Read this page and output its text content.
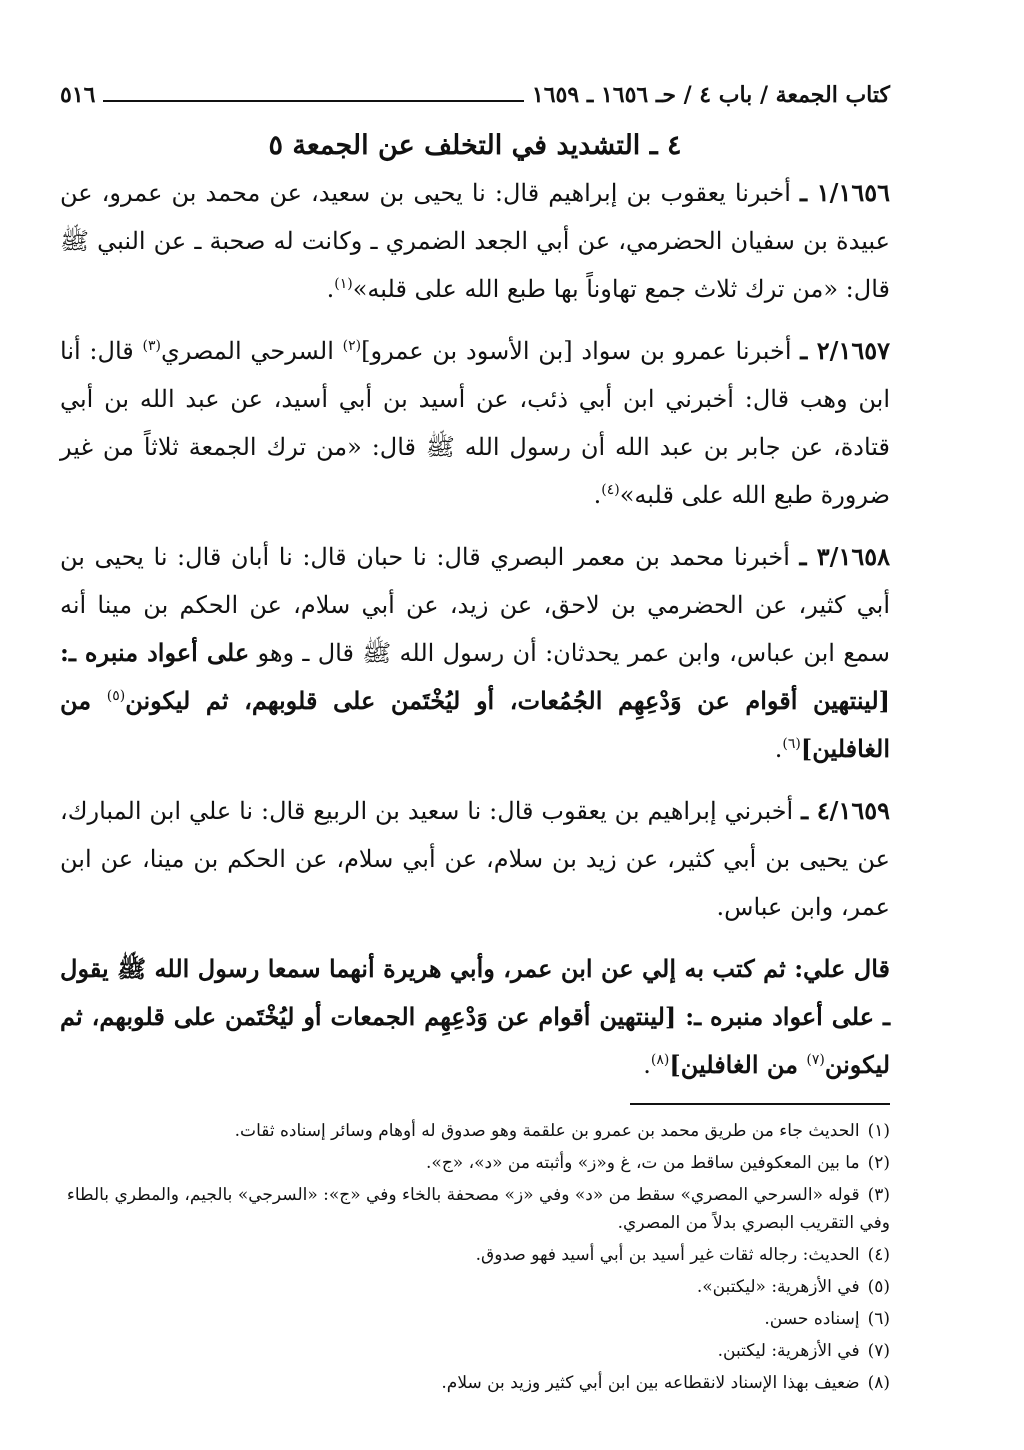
كتاب الجمعة / باب ٤ / حـ ١٦٥٦ ـ ١٦٥٩
٥١٦
٤ ـ التشديد في التخلف عن الجمعة ٥

١/١٦٥٦ ـ أخبرنا يعقوب بن إبراهيم قال: نا يحيى بن سعيد، عن محمد بن عمرو، عن عبيدة بن سفيان الحضرمي، عن أبي الجعد الضمري ـ وكانت له صحبة ـ عن النبي ﷺ قال: «من ترك ثلاث جمع تهاوناً بها طبع الله على قلبه»$^{(١)}$.

٢/١٦٥٧ ـ أخبرنا عمرو بن سواد [بن الأسود بن عمرو]$^{(٢)}$ السرحي المصري$^{(٣)}$ قال: أنا ابن وهب قال: أخبرني ابن أبي ذئب، عن أسيد بن أبي أسيد، عن عبد الله بن أبي قتادة، عن جابر بن عبد الله أن رسول الله ﷺ قال: «من ترك الجمعة ثلاثاً من غير ضرورة طبع الله على قلبه»$^{(٤)}$.

٣/١٦٥٨ ـ أخبرنا محمد بن معمر البصري قال: نا حبان قال: نا أبان قال: نا يحيى بن أبي كثير، عن الحضرمي بن لاحق، عن زيد، عن أبي سلام، عن الحكم بن مينا أنه سمع ابن عباس، وابن عمر يحدثان: أن رسول الله ﷺ قال ـ وهو على أعواد منبره ـ: [لينتهين أقوام عن وَدْعِهِم الجُمُعات، أو ليُخْتَمن على قلوبهم، ثم ليكونن$^{(٥)}$ من الغافلين]$^{(٦)}$.

٤/١٦٥٩ ـ أخبرني إبراهيم بن يعقوب قال: نا سعيد بن الربيع قال: نا علي ابن المبارك، عن يحيى بن أبي كثير، عن زيد بن سلام، عن أبي سلام، عن الحكم بن مينا، عن ابن عمر، وابن عباس.

قال علي: ثم كتب به إلي عن ابن عمر، وأبي هريرة أنهما سمعا رسول الله ﷺ يقول ـ على أعواد منبره ـ: [لينتهين أقوام عن وَدْعِهِم الجمعات أو ليُخْتَمن على قلوبهم، ثم ليكونن$^{(٧)}$ من الغافلين]$^{(٨)}$.

(١)الحديث جاء من طريق محمد بن عمرو بن علقمة وهو صدوق له أوهام وسائر إسناده ثقات.
(٢)ما بين المعكوفين ساقط من ت، غ و«ز» وأثبته من «د»، «ج».
(٣)قوله «السرحي المصري» سقط من «د» وفي «ز» مصحفة بالخاء وفي «ج»: «السرجي» بالجيم، والمطري بالطاء وفي التقريب البصري بدلاً من المصري.
(٤)الحديث: رجاله ثقات غير أسيد بن أبي أسيد فهو صدوق.
(٥)في الأزهرية: «ليكتبن».
(٦)إسناده حسن.
(٧)في الأزهرية: ليكتبن.
(٨)ضعيف بهذا الإسناد لانقطاعه بين ابن أبي كثير وزيد بن سلام.
